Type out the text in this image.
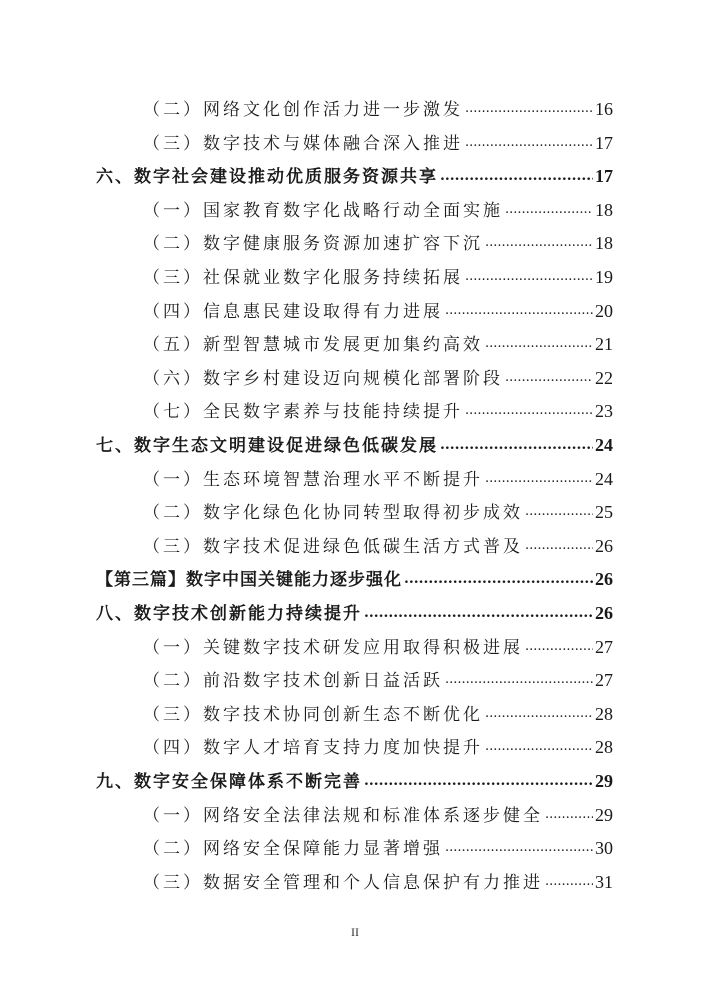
（二）网络文化创作活力进一步激发 .....	16
（三）数字技术与媒体融合深入推进 .....	17
六、数字社会建设推动优质服务资源共享 .....	17
（一）国家教育数字化战略行动全面实施 .....	18
（二）数字健康服务资源加速扩容下沉 .....	18
（三）社保就业数字化服务持续拓展 .....	19
（四）信息惠民建设取得有力进展 .....	20
（五）新型智慧城市发展更加集约高效 .....	21
（六）数字乡村建设迈向规模化部署阶段 .....	22
（七）全民数字素养与技能持续提升 .....	23
七、数字生态文明建设促进绿色低碳发展 .....	24
（一）生态环境智慧治理水平不断提升 .....	24
（二）数字化绿色化协同转型取得初步成效 .....	25
（三）数字技术促进绿色低碳生活方式普及 .....	26
【第三篇】数字中国关键能力逐步强化 .....	26
八、数字技术创新能力持续提升 .....	26
（一）关键数字技术研发应用取得积极进展 .....	27
（二）前沿数字技术创新日益活跃 .....	27
（三）数字技术协同创新生态不断优化 .....	28
（四）数字人才培育支持力度加快提升 .....	28
九、数字安全保障体系不断完善 .....	29
（一）网络安全法律法规和标准体系逐步健全 .....	29
（二）网络安全保障能力显著增强 .....	30
（三）数据安全管理和个人信息保护有力推进 .....	31
II
